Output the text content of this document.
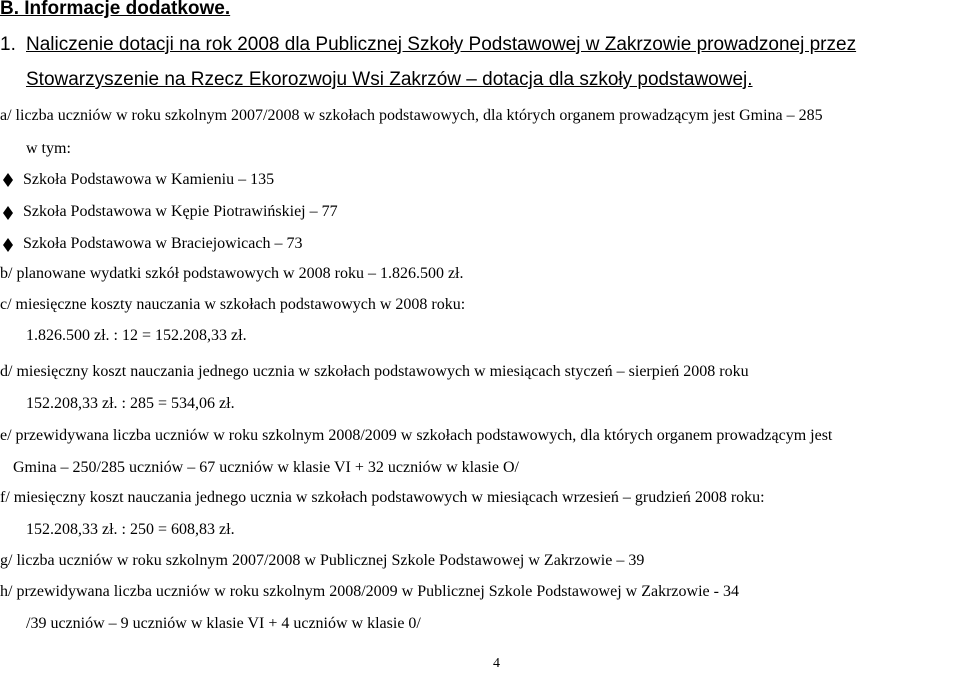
B. Informacje dodatkowe.
1. Naliczenie dotacji na rok 2008 dla Publicznej Szkoły Podstawowej w Zakrzowie prowadzonej przez
Stowarzyszenie na Rzecz Ekorozwoju Wsi Zakrzów – dotacja dla szkoły podstawowej.
a/ liczba uczniów w roku szkolnym 2007/2008 w szkołach podstawowych, dla których organem prowadzącym jest Gmina – 285
w tym:
Szkoła Podstawowa w Kamieniu – 135
Szkoła Podstawowa w Kępie Piotrawińskiej – 77
Szkoła Podstawowa w Braciejowicach – 73
b/ planowane wydatki szkół podstawowych w 2008 roku – 1.826.500 zł.
c/ miesięczne koszty nauczania w szkołach podstawowych w 2008 roku:
1.826.500 zł. : 12 = 152.208,33 zł.
d/ miesięczny koszt nauczania jednego ucznia w szkołach podstawowych w miesiącach styczeń – sierpień 2008 roku
152.208,33 zł. : 285 = 534,06 zł.
e/ przewidywana liczba uczniów w roku szkolnym 2008/2009 w szkołach podstawowych, dla których organem prowadzącym jest
Gmina – 250/285 uczniów – 67 uczniów w klasie VI + 32 uczniów w klasie O/
f/ miesięczny koszt nauczania jednego ucznia w szkołach podstawowych w miesiącach wrzesień – grudzień 2008 roku:
152.208,33 zł. : 250 = 608,83 zł.
g/ liczba uczniów w roku szkolnym 2007/2008 w Publicznej Szkole Podstawowej w Zakrzowie – 39
h/ przewidywana liczba uczniów w roku szkolnym 2008/2009 w Publicznej Szkole Podstawowej w Zakrzowie - 34
/39 uczniów – 9 uczniów w klasie VI + 4 uczniów w klasie 0/
4
